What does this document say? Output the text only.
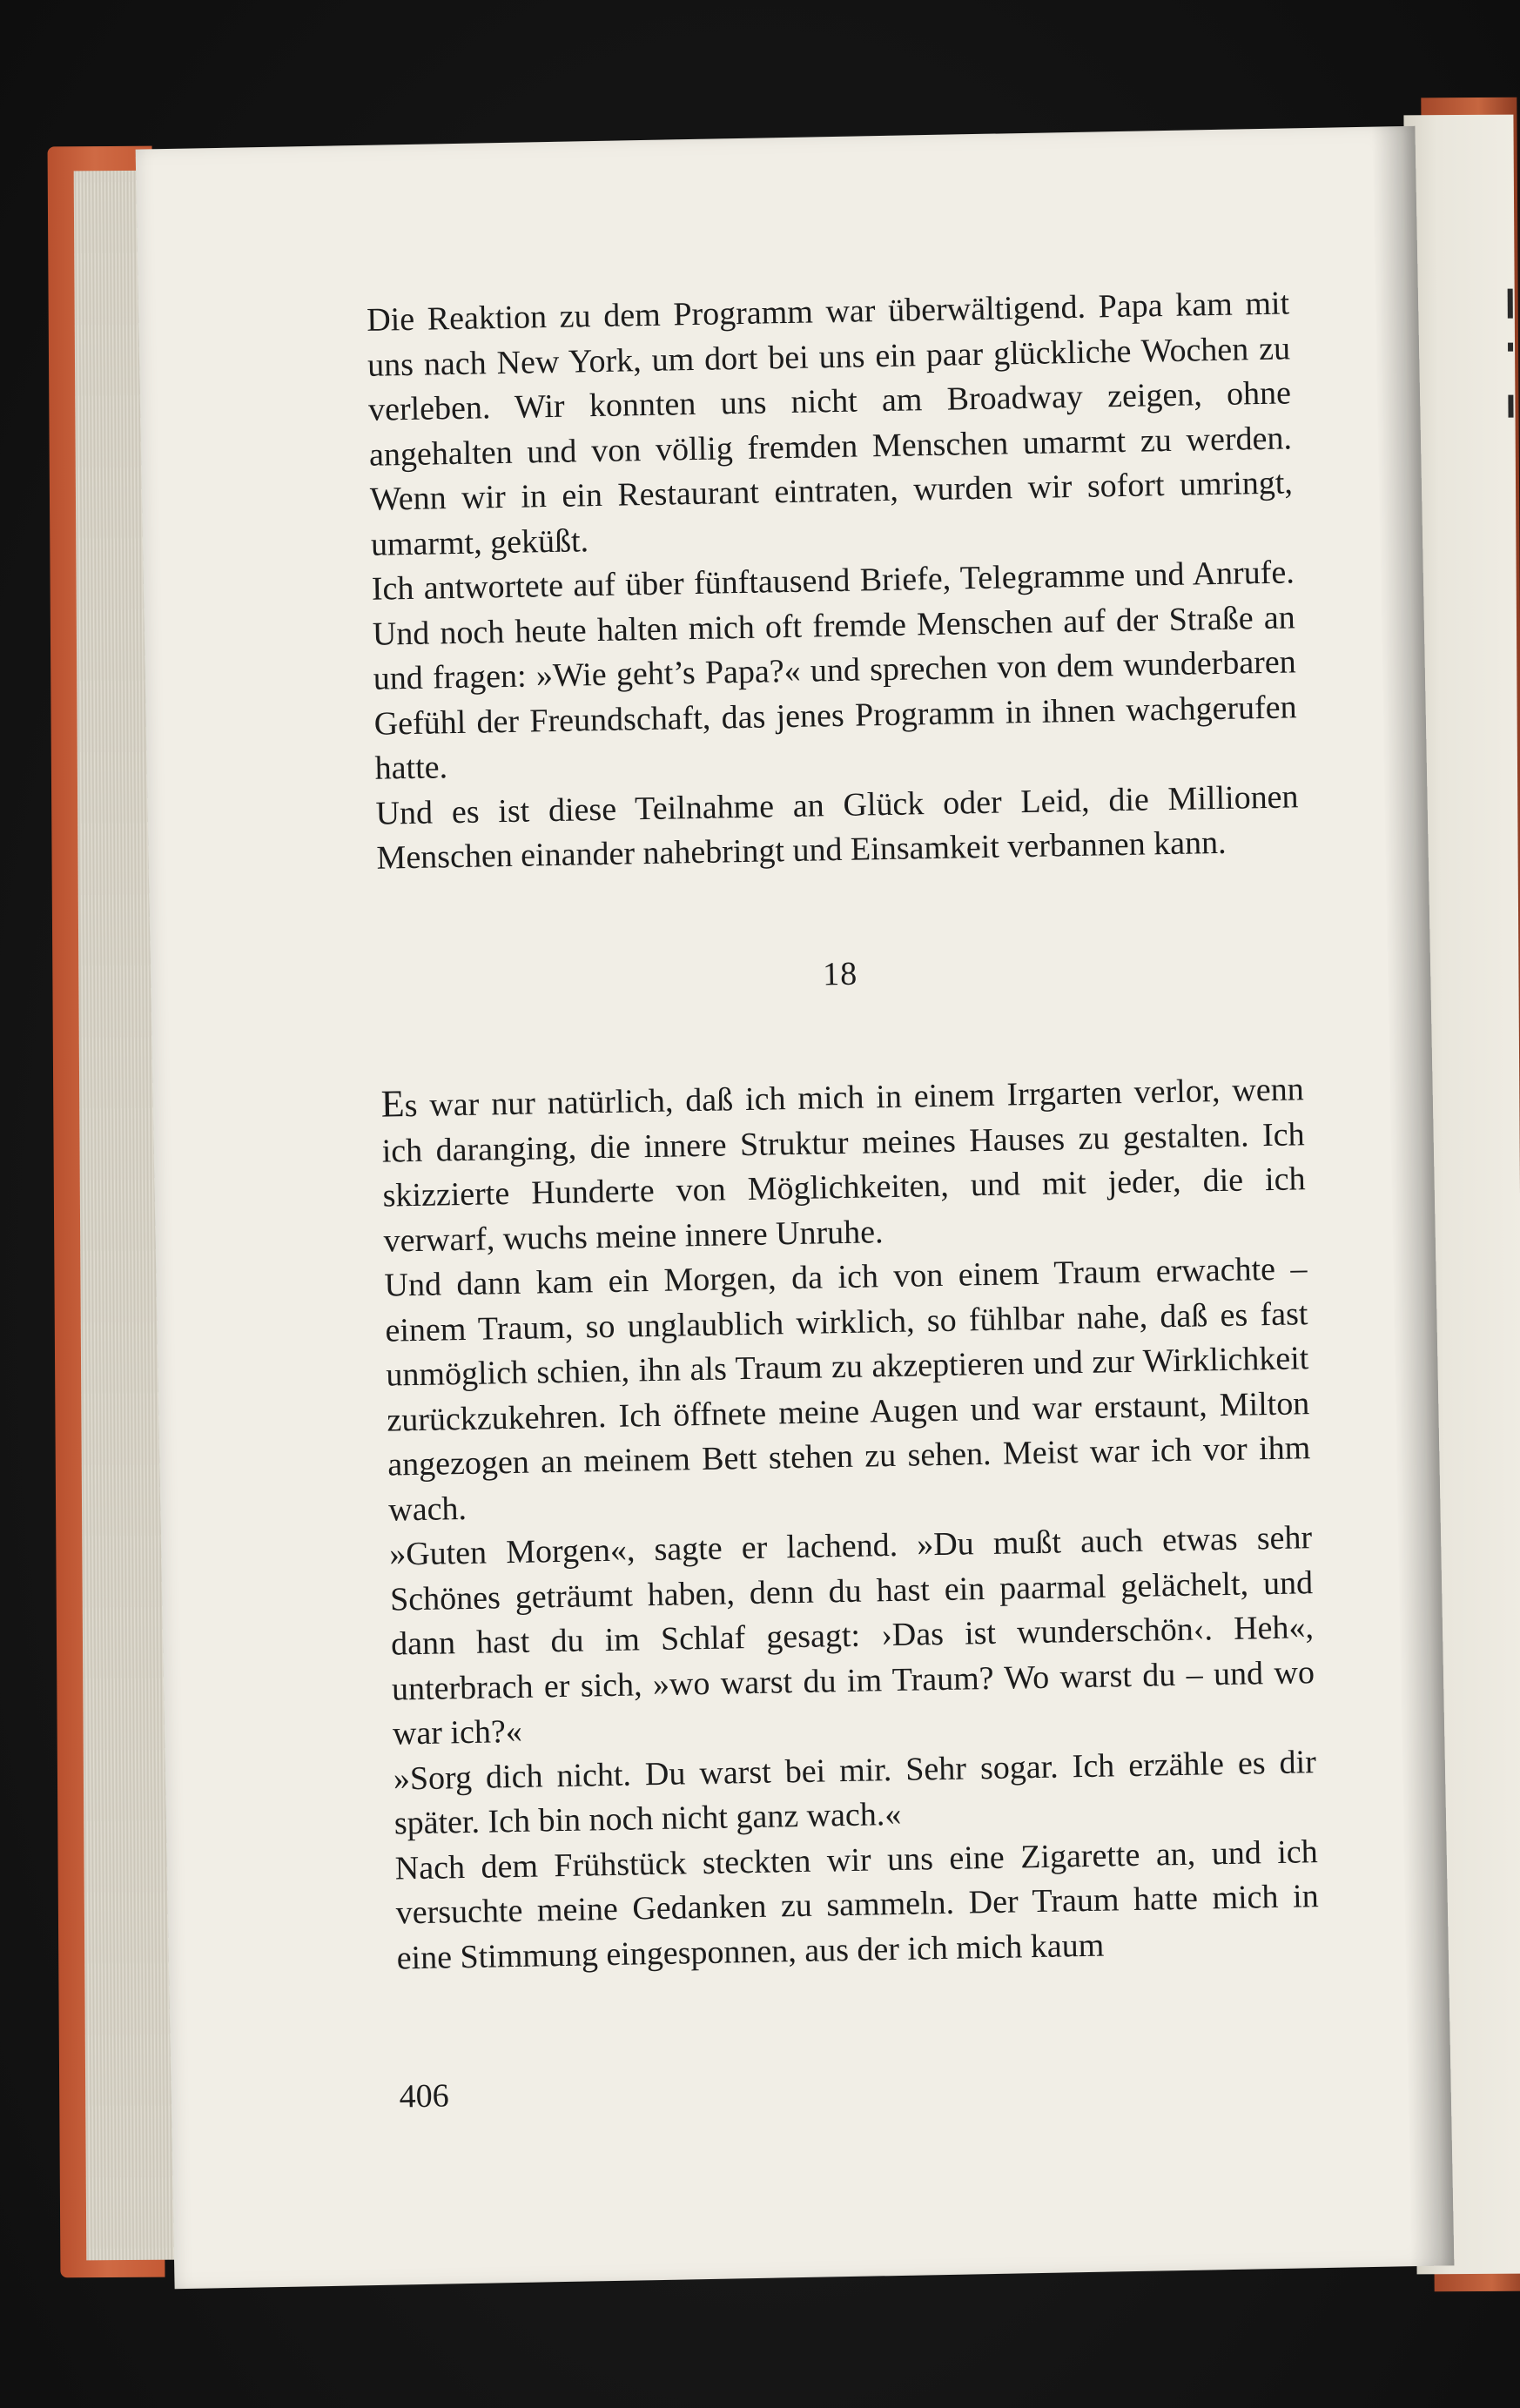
Die Reaktion zu dem Programm war überwältigend. Papa kam mit uns nach New York, um dort bei uns ein paar glückliche Wochen zu verleben. Wir konnten uns nicht am Broadway zeigen, ohne angehalten und von völlig fremden Menschen umarmt zu werden. Wenn wir in ein Restaurant eintraten, wurden wir sofort umringt, umarmt, geküßt.

Ich antwortete auf über fünftausend Briefe, Telegramme und Anrufe. Und noch heute halten mich oft fremde Menschen auf der Straße an und fragen: »Wie geht’s Papa?« und sprechen von dem wunderbaren Gefühl der Freundschaft, das jenes Programm in ihnen wachgerufen hatte.

Und es ist diese Teilnahme an Glück oder Leid, die Millionen Menschen einander nahebringt und Einsamkeit verbannen kann.

18

Es war nur natürlich, daß ich mich in einem Irrgarten verlor, wenn ich daranging, die innere Struktur meines Hauses zu gestalten. Ich skizzierte Hunderte von Möglichkeiten, und mit jeder, die ich verwarf, wuchs meine innere Unruhe.

Und dann kam ein Morgen, da ich von einem Traum erwachte – einem Traum, so unglaublich wirklich, so fühlbar nahe, daß es fast unmöglich schien, ihn als Traum zu akzeptieren und zur Wirklichkeit zurückzukehren. Ich öffnete meine Augen und war erstaunt, Milton angezogen an meinem Bett stehen zu sehen. Meist war ich vor ihm wach.

»Guten Morgen«, sagte er lachend. »Du mußt auch etwas sehr Schönes geträumt haben, denn du hast ein paarmal gelächelt, und dann hast du im Schlaf gesagt: ›Das ist wunderschön‹. Heh«, unterbrach er sich, »wo warst du im Traum? Wo warst du – und wo war ich?«

»Sorg dich nicht. Du warst bei mir. Sehr sogar. Ich erzähle es dir später. Ich bin noch nicht ganz wach.«

Nach dem Frühstück steckten wir uns eine Zigarette an, und ich versuchte meine Gedanken zu sammeln. Der Traum hatte mich in eine Stimmung eingesponnen, aus der ich mich kaum

406
